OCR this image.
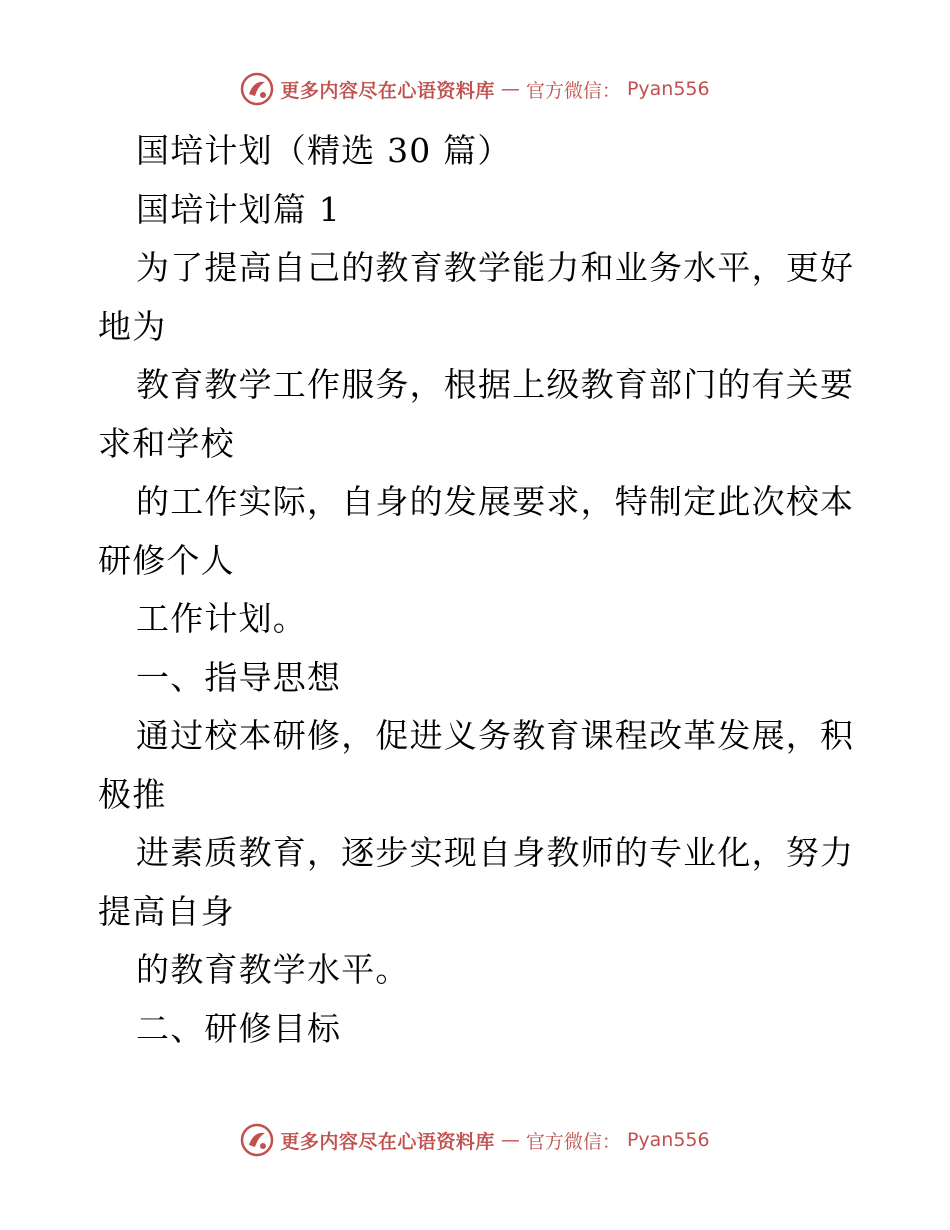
更多内容尽在心语资料库 — 官方微信： Pyan556
国培计划（精选 30 篇）
国培计划篇 1
为了提高自己的教育教学能力和业务水平，更好
地为
教育教学工作服务，根据上级教育部门的有关要
求和学校
的工作实际，自身的发展要求，特制定此次校本
研修个人
工作计划。
一、指导思想
通过校本研修，促进义务教育课程改革发展，积
极推
进素质教育，逐步实现自身教师的专业化，努力
提高自身
的教育教学水平。
二、研修目标
更多内容尽在心语资料库 — 官方微信： Pyan556
